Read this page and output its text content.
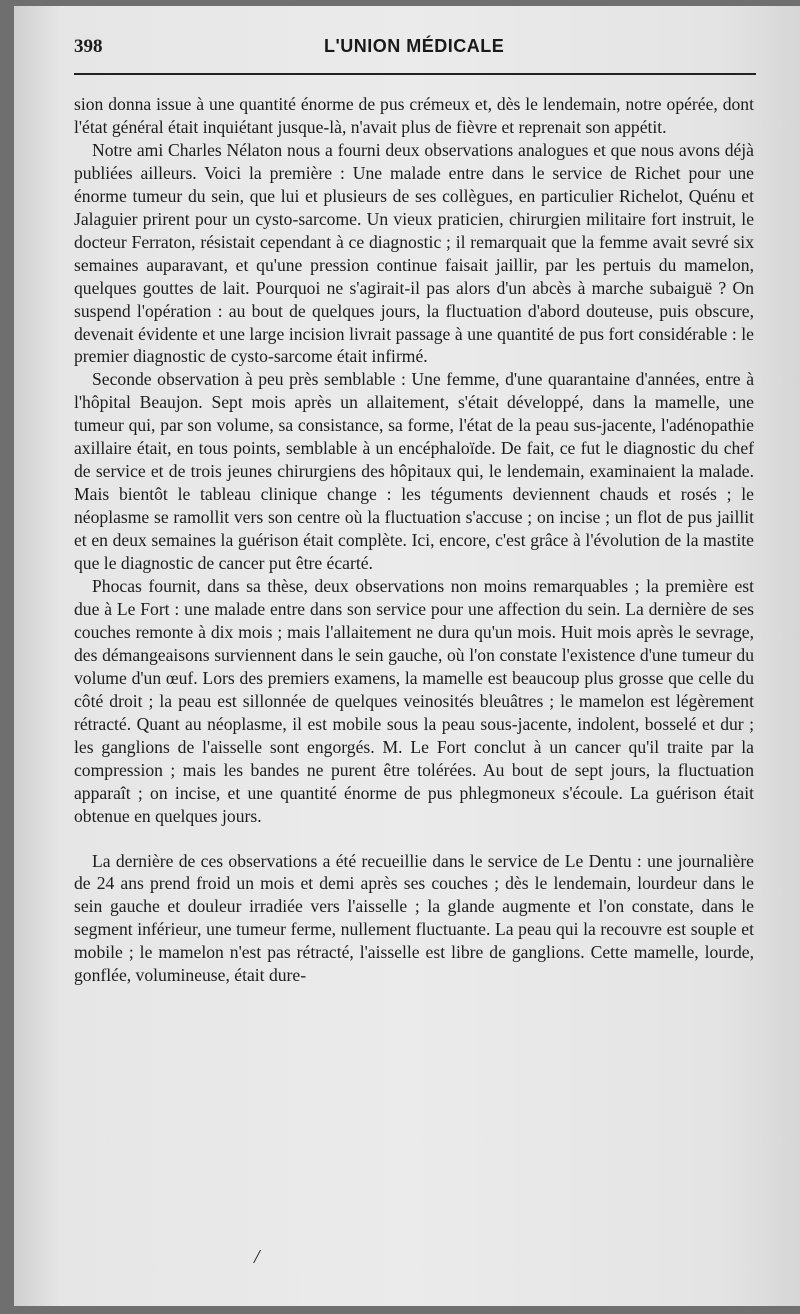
398	L'UNION MÉDICALE

sion donna issue à une quantité énorme de pus crémeux et, dès le lendemain, notre opérée, dont l'état général était inquiétant jusque-là, n'avait plus de fièvre et reprenait son appétit.

Notre ami Charles Nélaton nous a fourni deux observations analogues et que nous avons déjà publiées ailleurs. Voici la première : Une malade entre dans le service de Richet pour une énorme tumeur du sein, que lui et plusieurs de ses collègues, en particulier Richelot, Quénu et Jalaguier prirent pour un cysto-sarcome. Un vieux praticien, chirurgien militaire fort instruit, le docteur Ferraton, résistait cependant à ce diagnostic ; il remarquait que la femme avait sevré six semaines auparavant, et qu'une pression continue faisait jaillir, par les pertuis du mamelon, quelques gouttes de lait. Pourquoi ne s'agirait-il pas alors d'un abcès à marche subaiguë ? On suspend l'opération : au bout de quelques jours, la fluctuation d'abord douteuse, puis obscure, devenait évidente et une large incision livrait passage à une quantité de pus fort considérable : le premier diagnostic de cysto-sarcome était infirmé.

Seconde observation à peu près semblable : Une femme, d'une quarantaine d'années, entre à l'hôpital Beaujon. Sept mois après un allaitement, s'était développé, dans la mamelle, une tumeur qui, par son volume, sa consistance, sa forme, l'état de la peau sus-jacente, l'adénopathie axillaire était, en tous points, semblable à un encéphaloïde. De fait, ce fut le diagnostic du chef de service et de trois jeunes chirurgiens des hôpitaux qui, le lendemain, examinaient la malade. Mais bientôt le tableau clinique change : les téguments deviennent chauds et rosés ; le néoplasme se ramollit vers son centre où la fluctuation s'accuse ; on incise ; un flot de pus jaillit et en deux semaines la guérison était complète. Ici, encore, c'est grâce à l'évolution de la mastite que le diagnostic de cancer put être écarté.

Phocas fournit, dans sa thèse, deux observations non moins remarquables ; la première est due à Le Fort : une malade entre dans son service pour une affection du sein. La dernière de ses couches remonte à dix mois ; mais l'allaitement ne dura qu'un mois. Huit mois après le sevrage, des démangeaisons surviennent dans le sein gauche, où l'on constate l'existence d'une tumeur du volume d'un œuf. Lors des premiers examens, la mamelle est beaucoup plus grosse que celle du côté droit ; la peau est sillonnée de quelques veinosités bleuâtres ; le mamelon est légèrement rétracté. Quant au néoplasme, il est mobile sous la peau sous-jacente, indolent, bosselé et dur ; les ganglions de l'aisselle sont engorgés. M. Le Fort conclut à un cancer qu'il traite par la compression ; mais les bandes ne purent être tolérées. Au bout de sept jours, la fluctuation apparaît ; on incise, et une quantité énorme de pus phlegmoneux s'écoule. La guérison était obtenue en quelques jours.

La dernière de ces observations a été recueillie dans le service de Le Dentu : une journalière de 24 ans prend froid un mois et demi après ses couches ; dès le lendemain, lourdeur dans le sein gauche et douleur irradiée vers l'aisselle ; la glande augmente et l'on constate, dans le segment inférieur, une tumeur ferme, nullement fluctuante. La peau qui la recouvre est souple et mobile ; le mamelon n'est pas rétracté, l'aisselle est libre de ganglions. Cette mamelle, lourde, gonflée, volumineuse, était dure-

/
